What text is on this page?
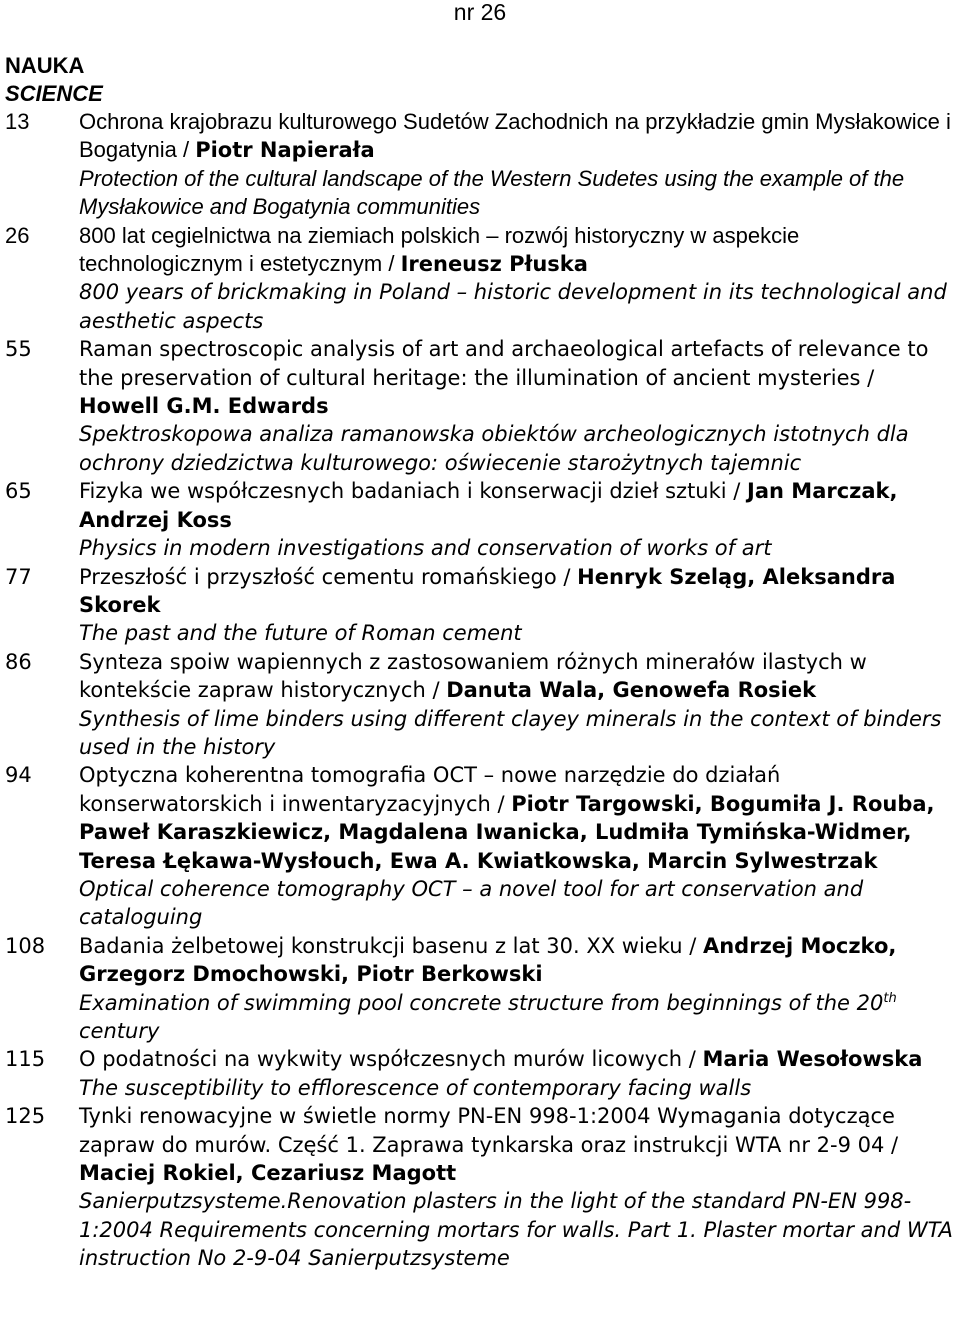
nr 26
NAUKA
SCIENCE
13	Ochrona krajobrazu kulturowego Sudetów Zachodnich na przykładzie gmin Mysłakowice i Bogatynia / Piotr Napierała
Protection of the cultural landscape of the Western Sudetes using the example of the Mysłakowice and Bogatynia communities
26	800 lat cegielnictwa na ziemiach polskich – rozwój historyczny w aspekcie technologicznym i estetycznym / Ireneusz Płuska
800 years of brickmaking in Poland – historic development in its technological and aesthetic aspects
55	Raman spectroscopic analysis of art and archaeological artefacts of relevance to the preservation of cultural heritage: the illumination of ancient mysteries / Howell G.M. Edwards
Spektroskopowa analiza ramanowska obiektów archeologicznych istotnych dla ochrony dziedzictwa kulturowego: oświecenie starożytnych tajemnic
65	Fizyka we współczesnych badaniach i konserwacji dzieł sztuki / Jan Marczak, Andrzej Koss
Physics in modern investigations and conservation of works of art
77	Przeszłość i przyszłość cementu romańskiego / Henryk Szeląg, Aleksandra Skorek
The past and the future of Roman cement
86	Synteza spoiw wapiennych z zastosowaniem różnych minerałów ilastych w kontekście zapraw historycznych / Danuta Wala, Genowefa Rosiek
Synthesis of lime binders using different clayey minerals in the context of binders used in the history
94	Optyczna koherentna tomografia OCT – nowe narzędzie do działań konserwatorskich i inwentaryzacyjnych / Piotr Targowski, Bogumiła J. Rouba, Paweł Karaszkiewicz, Magdalena Iwanicka, Ludmiła Tymińska-Widmer, Teresa Łękawa-Wysłouch, Ewa A. Kwiatkowska, Marcin Sylwestrzak
Optical coherence tomography OCT – a novel tool for art conservation and cataloguing
108	Badania żelbetowej konstrukcji basenu z lat 30. XX wieku / Andrzej Moczko, Grzegorz Dmochowski, Piotr Berkowski
Examination of swimming pool concrete structure from beginnings of the 20th century
115	O podatności na wykwity współczesnych murów licowych / Maria Wesołowska
The susceptibility to efflorescence of contemporary facing walls
125	Tynki renowacyjne w świetle normy PN-EN 998-1:2004 Wymagania dotyczące zapraw do murów. Część 1. Zaprawa tynkarska oraz instrukcji WTA nr 2-9 04 / Maciej Rokiel, Cezariusz Magott
Sanierputzsysteme.Renovation plasters in the light of the standard PN-EN 998-1:2004 Requirements concerning mortars for walls. Part 1. Plaster mortar and WTA instruction No 2-9-04 Sanierputzsysteme
